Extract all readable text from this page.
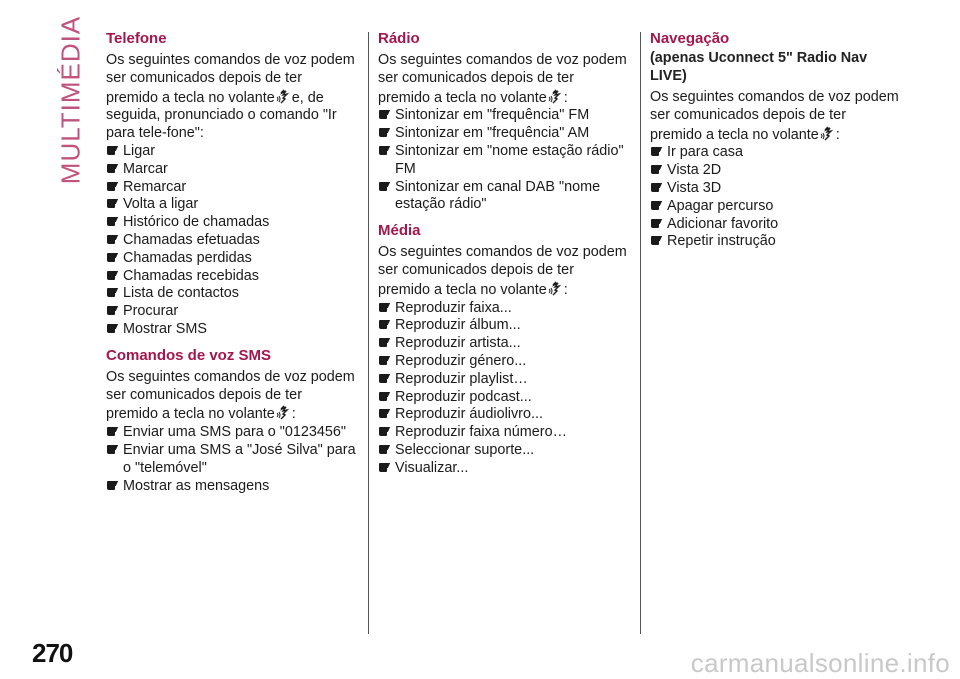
MULTIMÉDIA Telefone

Os seguintes comandos de voz podem ser comunicados depois de ter premido a tecla no volante e, de seguida, pronunciado o comando "Ir para tele-fone":

Ligar
Marcar
Remarcar
Volta a ligar
Histórico de chamadas
Chamadas efetuadas
Chamadas perdidas
Chamadas recebidas
Lista de contactos
Procurar
Mostrar SMS
Comandos de voz SMS

Os seguintes comandos de voz podem ser comunicados depois de ter premido a tecla no volante :

Enviar uma SMS para o "0123456"
Enviar uma SMS a "José Silva" para o "telemóvel"
Mostrar as mensagens
Rádio

Os seguintes comandos de voz podem ser comunicados depois de ter premido a tecla no volante :

Sintonizar em "frequência" FM
Sintonizar em "frequência" AM
Sintonizar em "nome estação rádio" FM
Sintonizar em canal DAB "nome estação rádio"
Média

Os seguintes comandos de voz podem ser comunicados depois de ter premido a tecla no volante :

Reproduzir faixa...
Reproduzir álbum...
Reproduzir artista...
Reproduzir género...
Reproduzir playlist…
Reproduzir podcast...
Reproduzir áudiolivro...
Reproduzir faixa número…
Seleccionar suporte...
Visualizar...
Navegação
(apenas Uconnect 5" Radio Nav LIVE)

Os seguintes comandos de voz podem ser comunicados depois de ter premido a tecla no volante :

Ir para casa
Vista 2D
Vista 3D
Apagar percurso
Adicionar favorito
Repetir instrução
270	carmanualsonline.info
